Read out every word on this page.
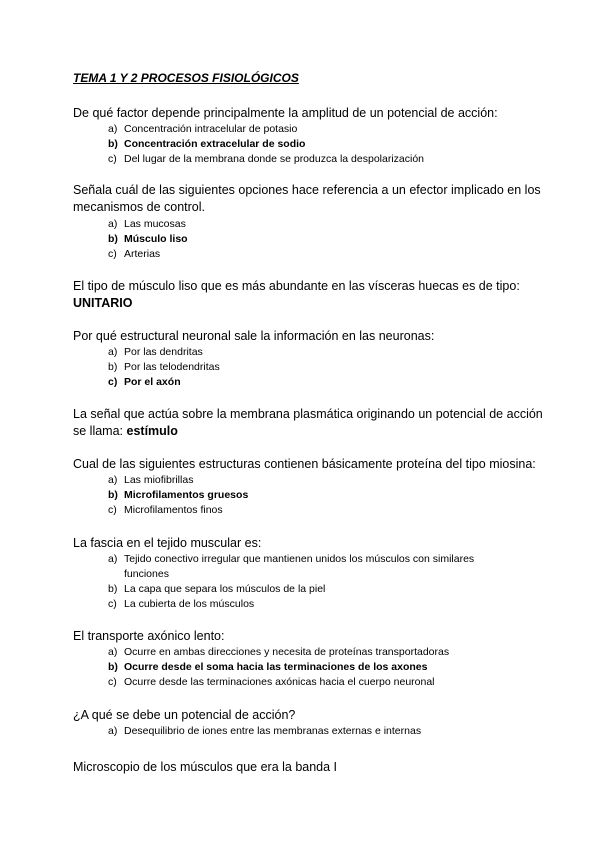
TEMA 1 Y 2 PROCESOS FISIOLÓGICOS
De qué factor depende principalmente la amplitud de un potencial de acción:
a) Concentración intracelular de potasio
b) Concentración extracelular de sodio
c) Del lugar de la membrana donde se produzca la despolarización
Señala cuál de las siguientes opciones hace referencia a un efector implicado en los mecanismos de control.
a) Las mucosas
b) Músculo liso
c) Arterias
El tipo de músculo liso que es más abundante en las vísceras huecas es de tipo: UNITARIO
Por qué estructural neuronal sale la información en las neuronas:
a) Por las dendritas
b) Por las telodendritas
c) Por el axón
La señal que actúa sobre la membrana plasmática originando un potencial de acción se llama: estímulo
Cual de las siguientes estructuras contienen básicamente proteína del tipo miosina:
a) Las miofibrillas
b) Microfilamentos gruesos
c) Microfilamentos finos
La fascia en el tejido muscular es:
a) Tejido conectivo irregular que mantienen unidos los músculos con similares funciones
b) La capa que separa los músculos de la piel
c) La cubierta de los músculos
El transporte axónico lento:
a) Ocurre en ambas direcciones y necesita de proteínas transportadoras
b) Ocurre desde el soma hacia las terminaciones de los axones
c) Ocurre desde las terminaciones axónicas hacia el cuerpo neuronal
¿A qué se debe un potencial de acción?
a) Desequilibrio de iones entre las membranas externas e internas
Microscopio de los músculos que era la banda I
